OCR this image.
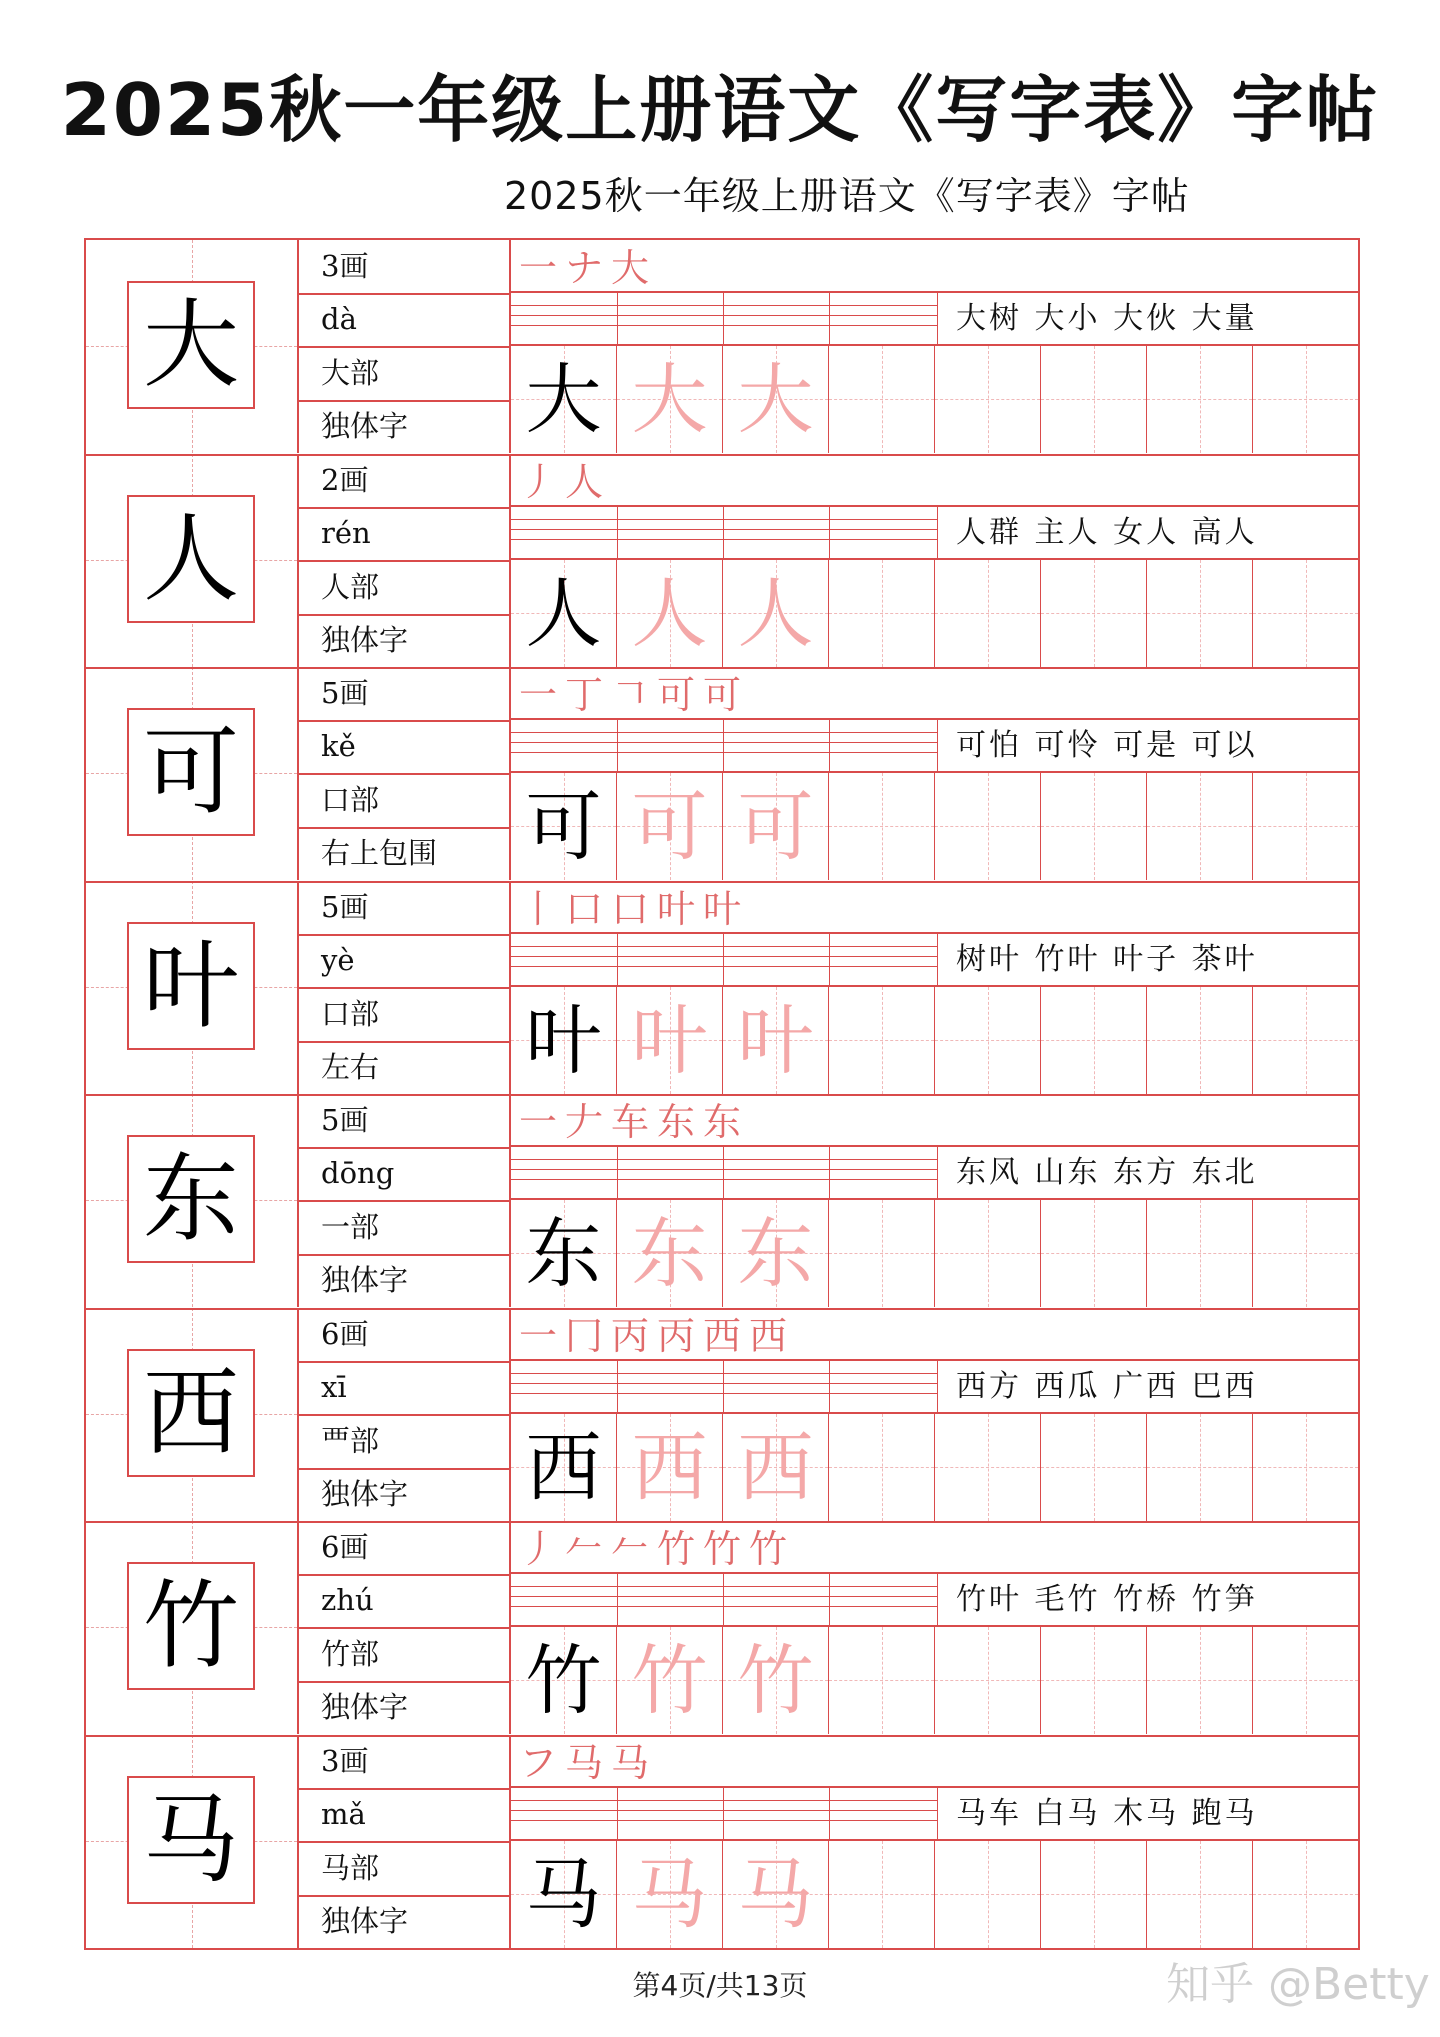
2025秋一年级上册语文《写字表》字帖
2025秋一年级上册语文《写字表》字帖
大
3画
dà
大部
独体字
一ナ大
大树 大小 大伙 大量
大 大 大
人
2画
rén
人部
独体字
丿人
人群 主人 女人 高人
人 人 人
可
5画
kě
口部
右上包围
一丁𠃍可可
可怕 可怜 可是 可以
可 可 可
叶
5画
yè
口部
左右
丨口口叶叶
树叶 竹叶 叶子 茶叶
叶 叶 叶
东
5画
dōng
一部
独体字
一𠂇车东东
东风 山东 东方 东北
东 东 东
西
6画
xī
覀部
独体字
一冂丙丙西西
西方 西瓜 广西 巴西
西 西 西
竹
6画
zhú
竹部
独体字
丿𠂉𠂉竹竹竹
竹叶 毛竹 竹桥 竹笋
竹 竹 竹
马
3画
mǎ
马部
独体字
フ马马
马车 白马 木马 跑马
马 马 马
第4页/共13页	知乎 @Betty
